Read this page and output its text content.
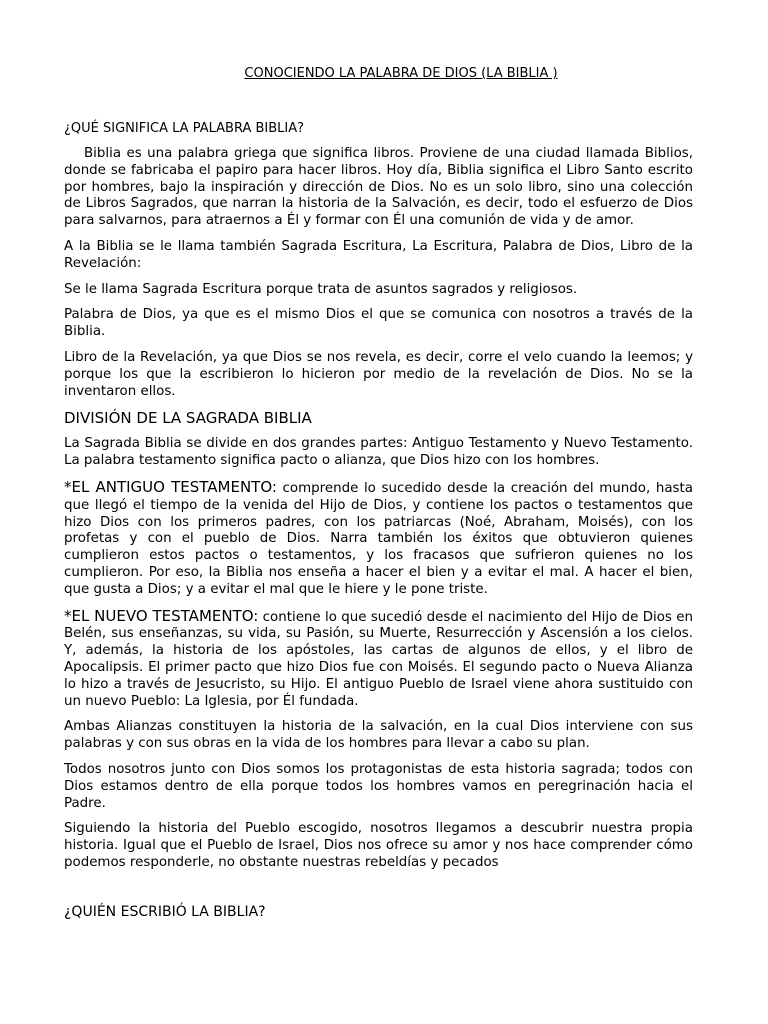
CONOCIENDO LA PALABRA DE DIOS (LA BIBLIA )
¿QUÉ SIGNIFICA LA PALABRA BIBLIA?

Biblia es una palabra griega que significa libros. Proviene de una ciudad llamada Biblios, donde se fabricaba el papiro para hacer libros. Hoy día, Biblia significa el Libro Santo escrito por hombres, bajo la inspiración y dirección de Dios. No es un solo libro, sino una colección de Libros Sagrados, que narran la historia de la Salvación, es decir, todo el esfuerzo de Dios para salvarnos, para atraernos a Él y formar con Él una comunión de vida y de amor.

A la Biblia se le llama también Sagrada Escritura, La Escritura, Palabra de Dios, Libro de la Revelación:

Se le llama Sagrada Escritura porque trata de asuntos sagrados y religiosos.

Palabra de Dios, ya que es el mismo Dios el que se comunica con nosotros a través de la Biblia.

Libro de la Revelación, ya que Dios se nos revela, es decir, corre el velo cuando la leemos; y porque los que la escribieron lo hicieron por medio de la revelación de Dios. No se la inventaron ellos.

DIVISIÓN DE LA SAGRADA BIBLIA

La Sagrada Biblia se divide en dos grandes partes: Antiguo Testamento y Nuevo Testamento. La palabra testamento significa pacto o alianza, que Dios hizo con los hombres.

*EL ANTIGUO TESTAMENTO: comprende lo sucedido desde la creación del mundo, hasta que llegó el tiempo de la venida del Hijo de Dios, y contiene los pactos o testamentos que hizo Dios con los primeros padres, con los patriarcas (Noé, Abraham, Moisés), con los profetas y con el pueblo de Dios. Narra también los éxitos que obtuvieron quienes cumplieron estos pactos o testamentos, y los fracasos que sufrieron quienes no los cumplieron. Por eso, la Biblia nos enseña a hacer el bien y a evitar el mal. A hacer el bien, que gusta a Dios; y a evitar el mal que le hiere y le pone triste.

*EL NUEVO TESTAMENTO: contiene lo que sucedió desde el nacimiento del Hijo de Dios en Belén, sus enseñanzas, su vida, su Pasión, su Muerte, Resurrección y Ascensión a los cielos. Y, además, la historia de los apóstoles, las cartas de algunos de ellos, y el libro de Apocalipsis. El primer pacto que hizo Dios fue con Moisés. El segundo pacto o Nueva Alianza lo hizo a través de Jesucristo, su Hijo. El antiguo Pueblo de Israel viene ahora sustituido con un nuevo Pueblo: La Iglesia, por Él fundada.

Ambas Alianzas constituyen la historia de la salvación, en la cual Dios interviene con sus palabras y con sus obras en la vida de los hombres para llevar a cabo su plan.

Todos nosotros junto con Dios somos los protagonistas de esta historia sagrada; todos con Dios estamos dentro de ella porque todos los hombres vamos en peregrinación hacia el Padre.

Siguiendo la historia del Pueblo escogido, nosotros llegamos a descubrir nuestra propia historia. Igual que el Pueblo de Israel, Dios nos ofrece su amor y nos hace comprender cómo podemos responderle, no obstante nuestras rebeldías y pecados

¿QUIÉN ESCRIBIÓ LA BIBLIA?
